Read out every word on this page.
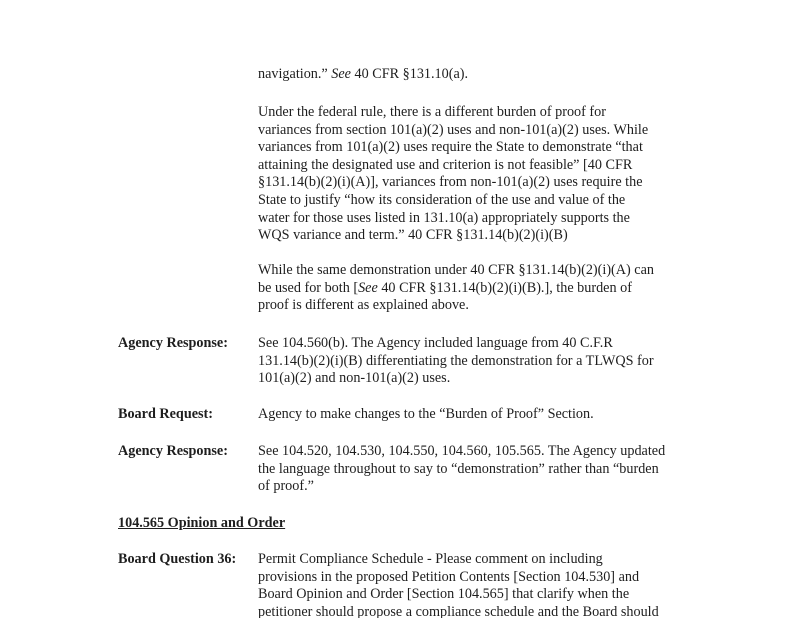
navigation.” See 40 CFR §131.10(a).
Under the federal rule, there is a different burden of proof for
variances from section 101(a)(2) uses and non-101(a)(2) uses. While
variances from 101(a)(2) uses require the State to demonstrate “that
attaining the designated use and criterion is not feasible” [40 CFR
§131.14(b)(2)(i)(A)], variances from non-101(a)(2) uses require the
State to justify “how its consideration of the use and value of the
water for those uses listed in 131.10(a) appropriately supports the
WQS variance and term.” 40 CFR §131.14(b)(2)(i)(B)
While the same demonstration under 40 CFR §131.14(b)(2)(i)(A) can
be used for both [See 40 CFR §131.14(b)(2)(i)(B).], the burden of
proof is different as explained above.
Agency Response: See 104.560(b). The Agency included language from 40 C.F.R
131.14(b)(2)(i)(B) differentiating the demonstration for a TLWQS for
101(a)(2) and non-101(a)(2) uses.
Board Request:	Agency to make changes to the “Burden of Proof” Section.
Agency Response: See 104.520, 104.530, 104.550, 104.560, 105.565. The Agency updated
the language throughout to say to “demonstration” rather than “burden
of proof.”
104.565 Opinion and Order
Board Question 36: Permit Compliance Schedule - Please comment on including
provisions in the proposed Petition Contents [Section 104.530] and
Board Opinion and Order [Section 104.565] that clarify when the
petitioner should propose a compliance schedule and the Board should
